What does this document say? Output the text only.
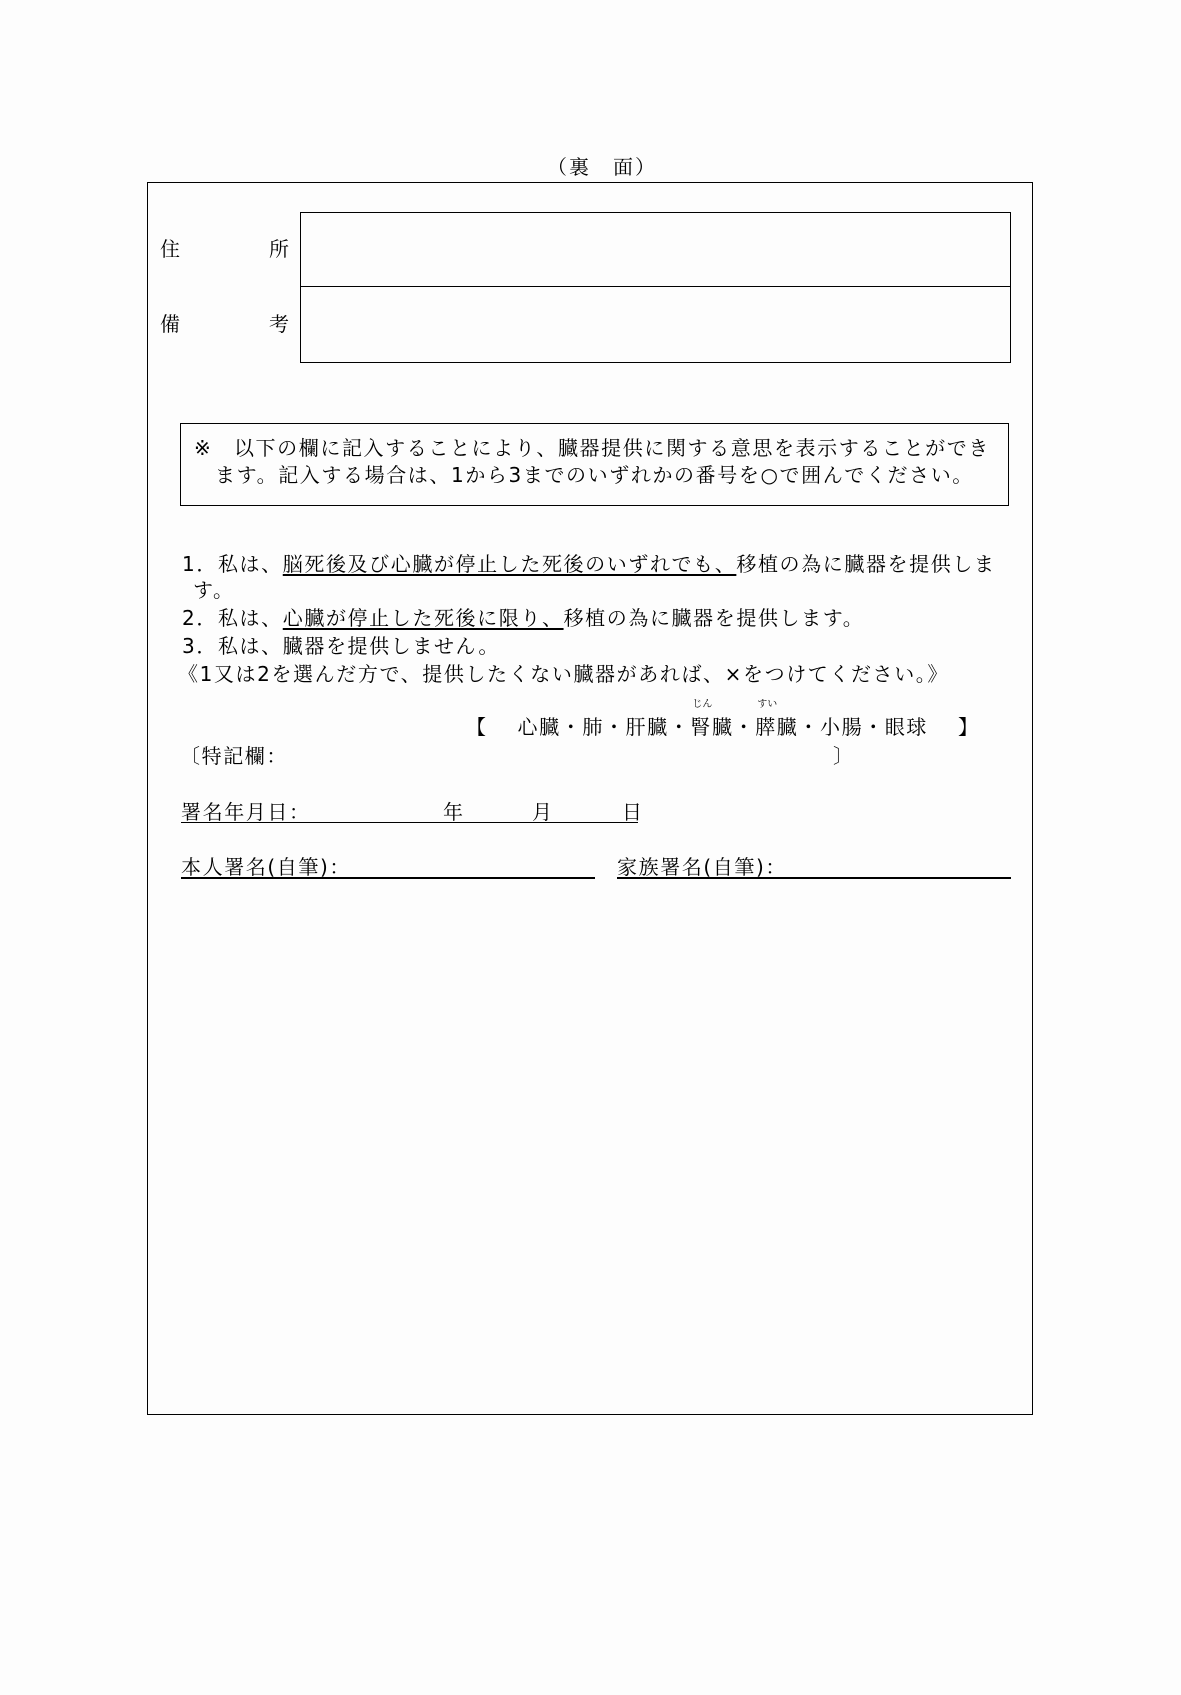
（裏　面）
住	所
備	考
※　以下の欄に記入することにより、臓器提供に関する意思を表示することができ
ます。記入する場合は、1から3までのいずれかの番号を○で囲んでください。
1．私は、脳死後及び心臓が停止した死後のいずれでも、移植の為に臓器を提供しま
す。
2．私は、心臓が停止した死後に限り、移植の為に臓器を提供します。
3．私は、臓器を提供しません。
《1又は2を選んだ方で、提供したくない臓器があれば、×をつけてください。》
【 心臓・肺・肝臓・
じん
腎臓・
すい
膵臓・小腸・眼球 】
〔特記欄：	〕
署名年月日：	年	月	日
本人署名(自筆)：	家族署名(自筆)：
